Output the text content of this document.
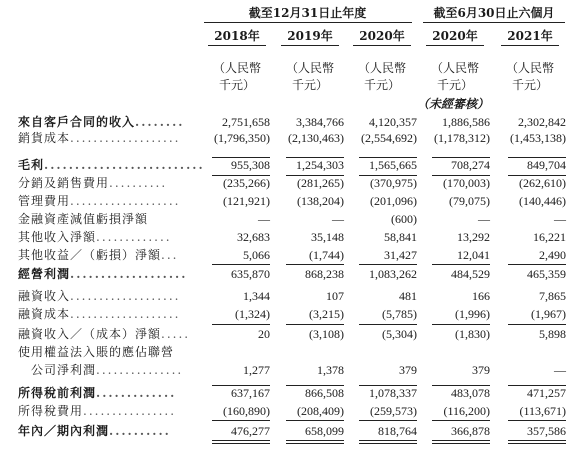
截至12月31日止年度	截至6月30日止六個月
2018年	2019年	2020年	2020年	2021年
（人民幣
千元）
（人民幣
千元）
（人民幣
千元）
（人民幣
千元）
（人民幣
千元）
（未經審核）
來自客戶合同的收入........	2,751,658	3,384,766	4,120,357	1,886,586	2,302,842
銷貨成本...................	(1,796,350)	(2,130,463)	(2,554,692)	(1,178,312)	(1,453,138)
毛利..........................	955,308	1,254,303	1,565,665	708,274	849,704
分銷及銷售費用..........	(235,266)	(281,265)	(370,975)	(170,003)	(262,610)
管理費用...................	(121,921)	(138,204)	(201,096)	(79,075)	(140,446)
金融資產減值虧損淨額	—	—	(600)	—	—
其他收入淨額.............	32,683	35,148	58,841	13,292	16,221
其他收益／（虧損）淨額...	5,066	(1,744)	31,427	12,041	2,490
經營利潤...................	635,870	868,238	1,083,262	484,529	465,359
融資收入...................	1,344	107	481	166	7,865
融資成本...................	(1,324)	(3,215)	(5,785)	(1,996)	(1,967)
融資收入／（成本）淨額.....	20	(3,108)	(5,304)	(1,830)	5,898
使用權益法入賬的應佔聯營
　公司淨利潤...............	1,277	1,378	379	379	—
所得稅前利潤.............	637,167	866,508	1,078,337	483,078	471,257
所得稅費用................	(160,890)	(208,409)	(259,573)	(116,200)	(113,671)
年內／期內利潤..........	476,277	658,099	818,764	366,878	357,586
